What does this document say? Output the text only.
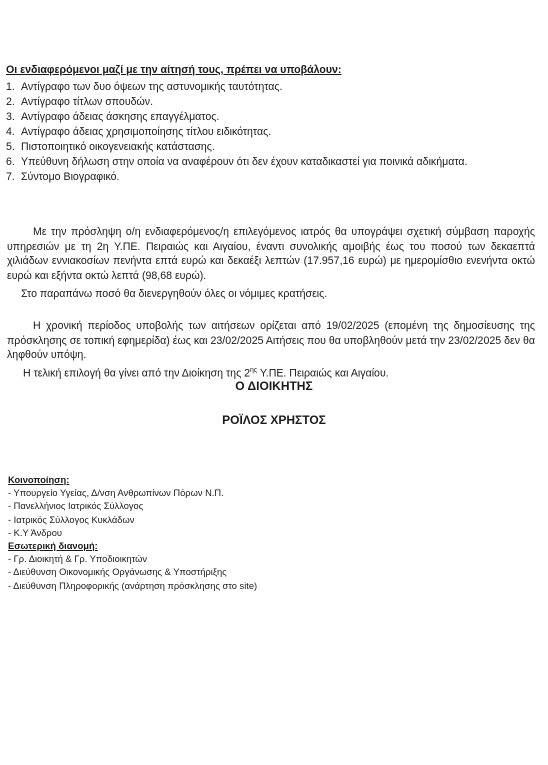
Οι ενδιαφερόμενοι μαζί με την αίτησή τους, πρέπει να υποβάλουν:
1. Αντίγραφο των δυο όψεων της αστυνομικής ταυτότητας.
2. Αντίγραφο τίτλων σπουδών.
3. Αντίγραφο άδειας άσκησης επαγγέλματος.
4. Αντίγραφο άδειας χρησιμοποίησης τίτλου ειδικότητας.
5. Πιστοποιητικό οικογενειακής κατάστασης.
6. Υπεύθυνη δήλωση στην οποία να αναφέρουν ότι δεν έχουν καταδικαστεί για ποινικά αδικήματα.
7. Σύντομο Βιογραφικό.

Με την πρόσληψη ο/η ενδιαφερόμενος/η επιλεγόμενος ιατρός θα υπογράψει σχετική σύμβαση παροχής υπηρεσιών με τη 2η Υ.ΠΕ. Πειραιώς και Αιγαίου, έναντι συνολικής αμοιβής έως του ποσού των δεκαεπτά χιλιάδων εννιακοσίων πενήντα επτά ευρώ και δεκαέξι λεπτών (17.957,16 ευρώ) με ημερομίσθιο ενενήντα οκτώ ευρώ και εξήντα οκτώ λεπτά (98,68 ευρώ).

Στο παραπάνω ποσό θα διενεργηθούν όλες οι νόμιμες κρατήσεις.

Η χρονική περίοδος υποβολής των αιτήσεων ορίζεται από 19/02/2025 (επομένη της δημοσίευσης της πρόσκλησης σε τοπική εφημερίδα) έως και 23/02/2025 Αιτήσεις που θα υποβληθούν μετά την 23/02/2025 δεν θα ληφθούν υπόψη.

Η τελική επιλογή θα γίνει από την Διοίκηση της $2^{\eta\varsigma}$ Υ.ΠΕ. Πειραιώς και Αιγαίου.

Ο ΔΙΟΙΚΗΤΗΣ
ΡΟΪΛΟΣ ΧΡΗΣΤΟΣ
Κοινοποίηση:
- Υπουργείο Υγείας, Δ/νση Ανθρωπίνων Πόρων Ν.Π.
- Πανελλήνιος Ιατρικός Σύλλογος
- Ιατρικός Σύλλογος Κυκλάδων
- Κ.Υ Άνδρου
Εσωτερική διανομή:
- Γρ. Διοικητή & Γρ. Υποδιοικητών
- Διεύθυνση Οικονομικής Οργάνωσης & Υποστήριξης
- Διεύθυνση Πληροφορικής (ανάρτηση πρόσκλησης στο site)
